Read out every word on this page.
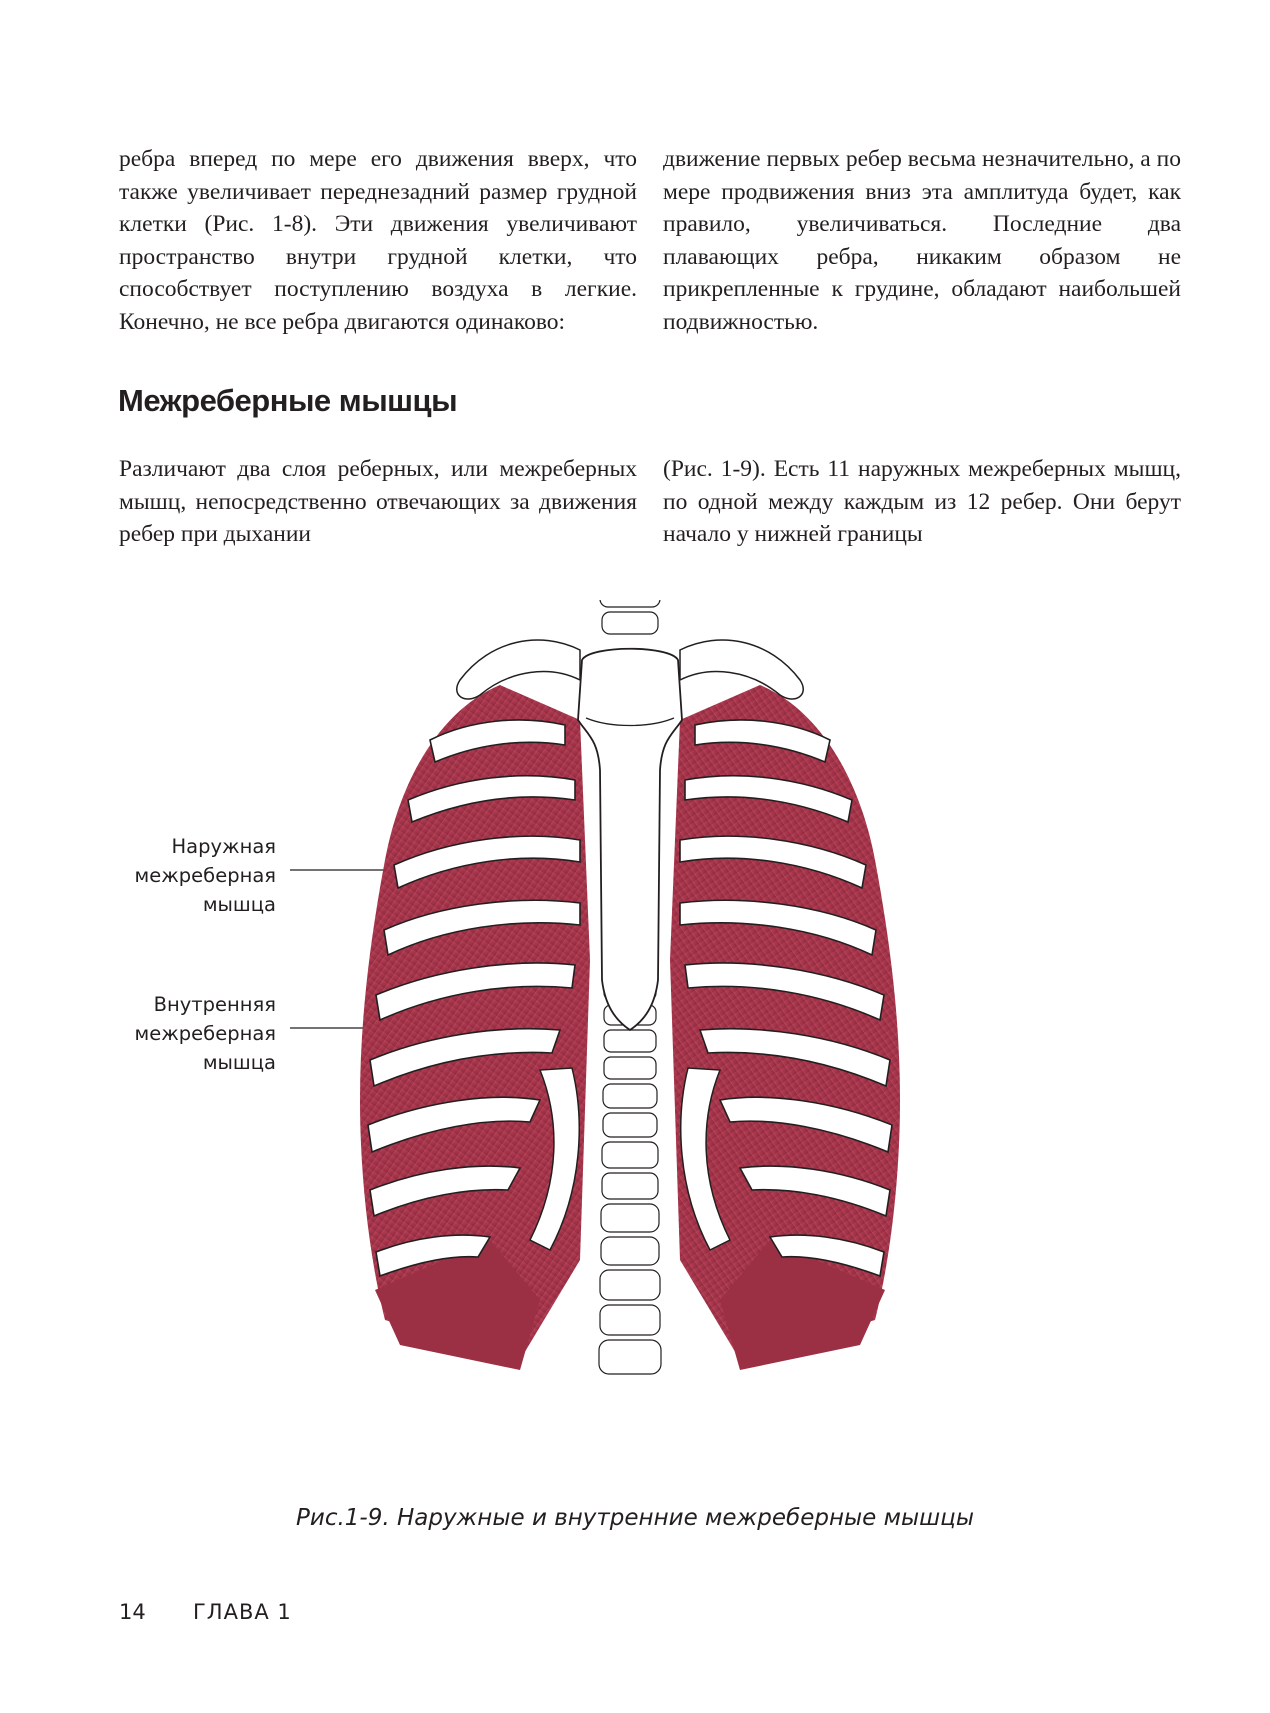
ребра вперед по мере его движения вверх, что также увеличивает переднезадний размер грудной клетки (Рис. 1-8). Эти движения увеличивают пространство внутри грудной клетки, что способствует поступлению воздуха в легкие. Конечно, не все ребра двигаются одинаково:

движение первых ребер весьма незначительно, а по мере продвижения вниз эта амплитуда будет, как правило, увеличиваться. Последние два плавающих ребра, никаким образом не прикрепленные к грудине, обладают наибольшей подвижностью.

Межреберные мышцы

Различают два слоя реберных, или межреберных мышц, непосредственно отвечающих за движения ребер при дыхании

(Рис. 1-9). Есть 11 наружных межреберных мышц, по одной между каждым из 12 ребер. Они берут начало у нижней границы

Наружная
межреберная
мышца
Внутренняя
межреберная
мышца
Рис.1-9. Наружные и внутренние межреберные мышцы
14 ГЛАВА 1
